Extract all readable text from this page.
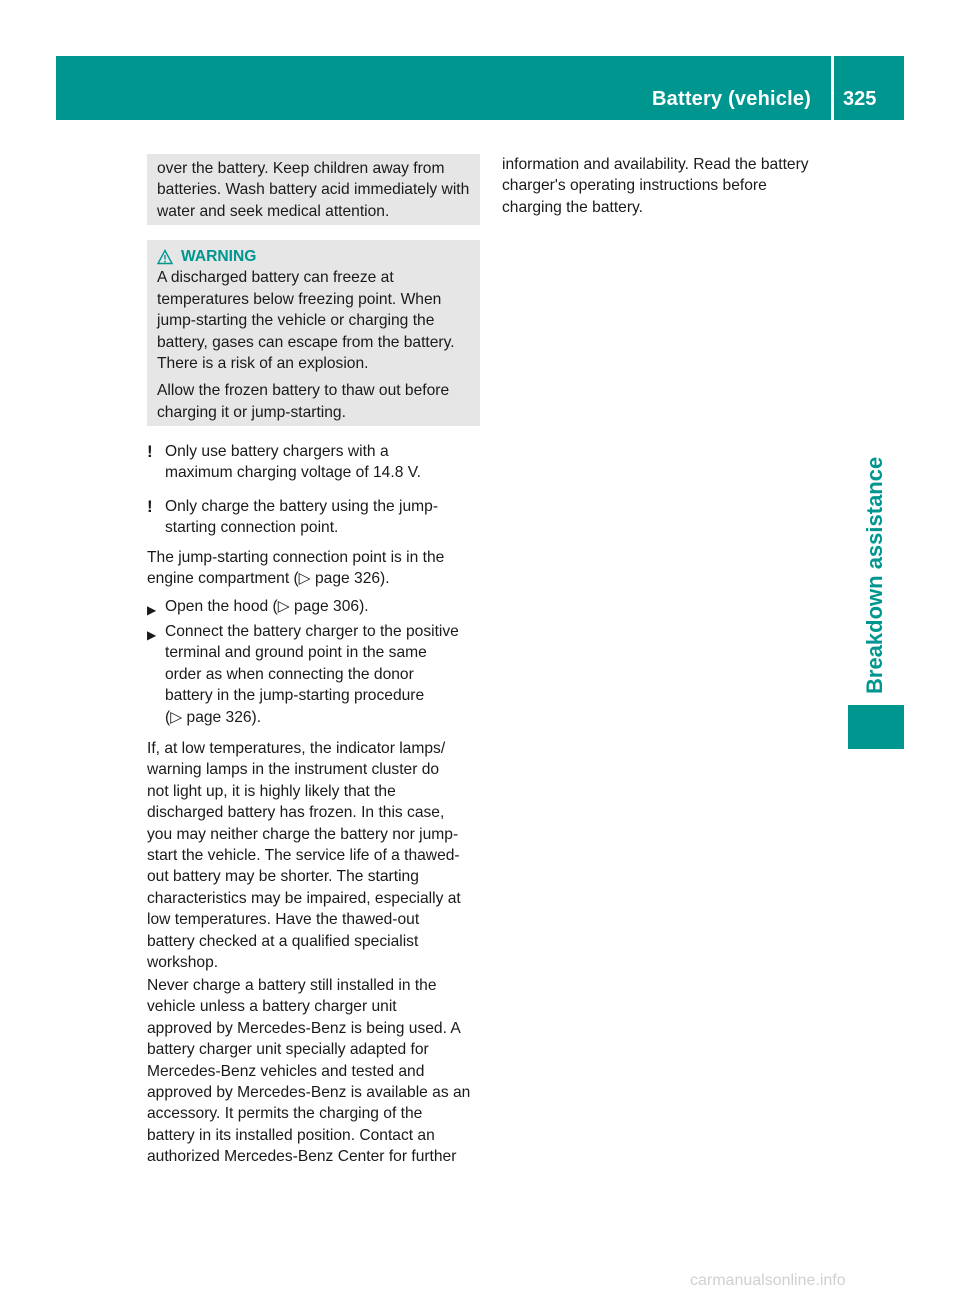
Battery (vehicle) 325
Breakdown assistance
over the battery. Keep children away from
batteries. Wash battery acid immediately with
water and seek medical attention.
WARNING
A discharged battery can freeze at
temperatures below freezing point. When
jump-starting the vehicle or charging the
battery, gases can escape from the battery.
There is a risk of an explosion.
Allow the frozen battery to thaw out before
charging it or jump-starting.
! Only use battery chargers with a
maximum charging voltage of 14.8 V.
! Only charge the battery using the jump-
starting connection point.
The jump-starting connection point is in the
engine compartment (▷ page 326).
▶ Open the hood (▷ page 306).
▶ Connect the battery charger to the positive
terminal and ground point in the same
order as when connecting the donor
battery in the jump-starting procedure
(▷ page 326).
If, at low temperatures, the indicator lamps/
warning lamps in the instrument cluster do
not light up, it is highly likely that the
discharged battery has frozen. In this case,
you may neither charge the battery nor jump-
start the vehicle. The service life of a thawed-
out battery may be shorter. The starting
characteristics may be impaired, especially at
low temperatures. Have the thawed-out
battery checked at a qualified specialist
workshop.
Never charge a battery still installed in the
vehicle unless a battery charger unit
approved by Mercedes-Benz is being used. A
battery charger unit specially adapted for
Mercedes-Benz vehicles and tested and
approved by Mercedes-Benz is available as an
accessory. It permits the charging of the
battery in its installed position. Contact an
authorized Mercedes-Benz Center for further
information and availability. Read the battery
charger's operating instructions before
charging the battery.
carmanualsonline.info
